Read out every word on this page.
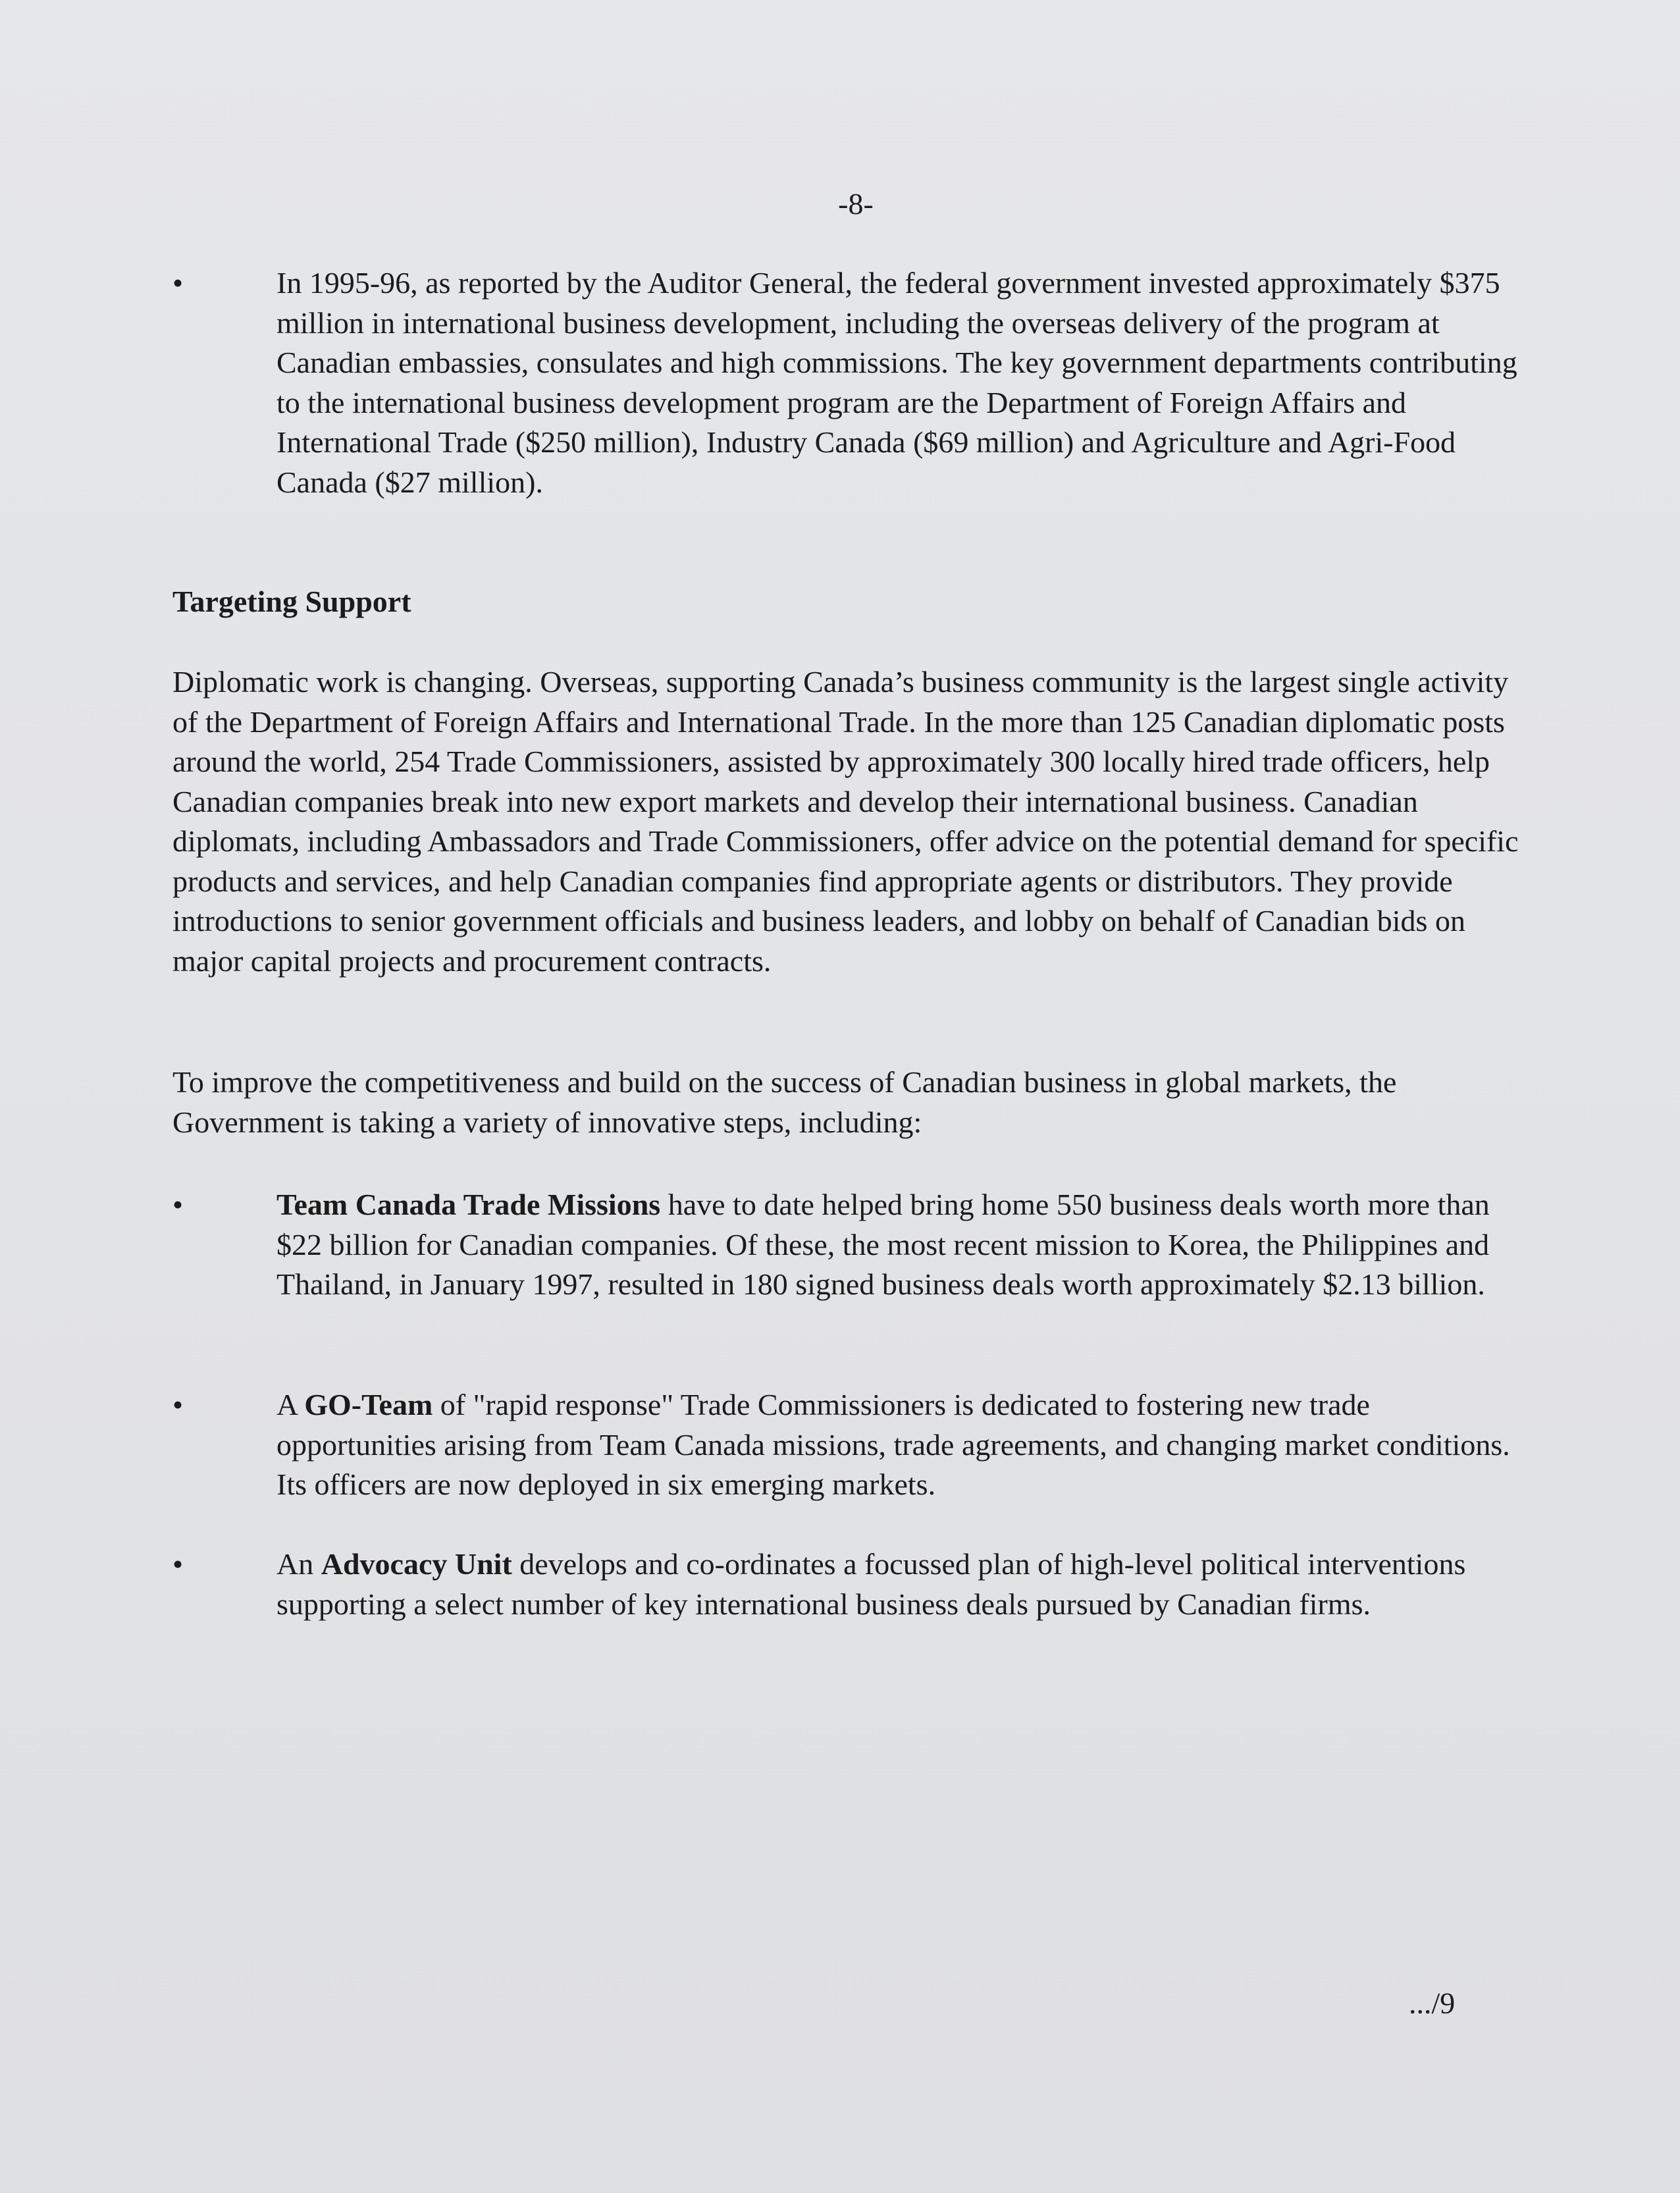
-8-
•	In 1995-96, as reported by the Auditor General, the federal government invested approximately $375 million in international business development, including the overseas delivery of the program at Canadian embassies, consulates and high commissions. The key government departments contributing to the international business development program are the Department of Foreign Affairs and International Trade ($250 million), Industry Canada ($69 million) and Agriculture and Agri-Food Canada ($27 million).

Targeting Support

Diplomatic work is changing. Overseas, supporting Canada’s business community is the largest single activity of the Department of Foreign Affairs and International Trade. In the more than 125 Canadian diplomatic posts around the world, 254 Trade Commissioners, assisted by approximately 300 locally hired trade officers, help Canadian companies break into new export markets and develop their international business. Canadian diplomats, including Ambassadors and Trade Commissioners, offer advice on the potential demand for specific products and services, and help Canadian companies find appropriate agents or distributors. They provide introductions to senior government officials and business leaders, and lobby on behalf of Canadian bids on major capital projects and procurement contracts.

To improve the competitiveness and build on the success of Canadian business in global markets, the Government is taking a variety of innovative steps, including:

•	Team Canada Trade Missions have to date helped bring home 550 business deals worth more than $22 billion for Canadian companies. Of these, the most recent mission to Korea, the Philippines and Thailand, in January 1997, resulted in 180 signed business deals worth approximately $2.13 billion.

•	A GO-Team of "rapid response" Trade Commissioners is dedicated to fostering new trade opportunities arising from Team Canada missions, trade agreements, and changing market conditions. Its officers are now deployed in six emerging markets.

•	An Advocacy Unit develops and co-ordinates a focussed plan of high-level political interventions supporting a select number of key international business deals pursued by Canadian firms.

.../9
